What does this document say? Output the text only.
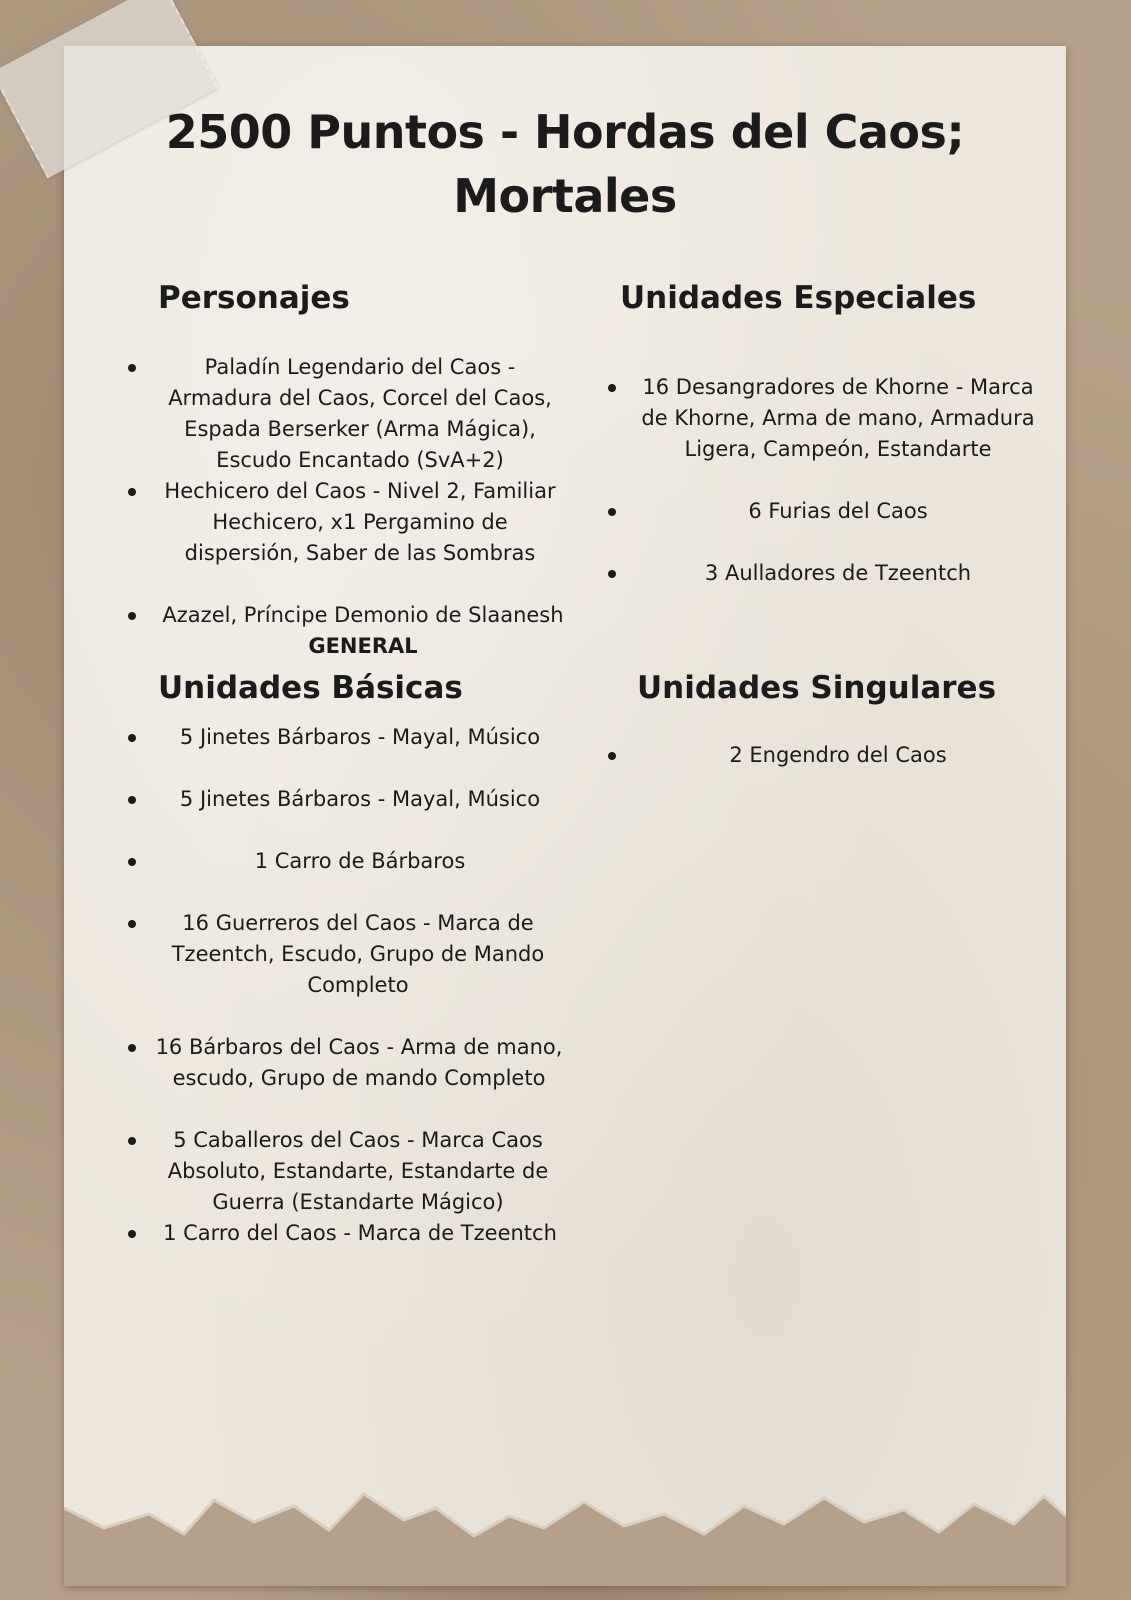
2500 Puntos - Hordas del Caos; Mortales
Personajes
Paladín Legendario del Caos - Armadura del Caos, Corcel del Caos, Espada Berserker (Arma Mágica), Escudo Encantado (SvA+2)
Hechicero del Caos - Nivel 2, Familiar Hechicero, x1 Pergamino de dispersión, Saber de las Sombras
Azazel, Príncipe Demonio de Slaanesh
GENERAL
Unidades Especiales
16 Desangradores de Khorne - Marca de Khorne, Arma de mano, Armadura Ligera, Campeón, Estandarte
6 Furias del Caos
3 Aulladores de Tzeentch
Unidades Básicas
5 Jinetes Bárbaros - Mayal, Músico
5 Jinetes Bárbaros - Mayal, Músico
1 Carro de Bárbaros
16 Guerreros del Caos - Marca de Tzeentch, Escudo, Grupo de Mando Completo
16 Bárbaros del Caos - Arma de mano, escudo, Grupo de mando Completo
5 Caballeros del Caos - Marca Caos Absoluto, Estandarte, Estandarte de Guerra (Estandarte Mágico)
1 Carro del Caos - Marca de Tzeentch
Unidades Singulares
2 Engendro del Caos
